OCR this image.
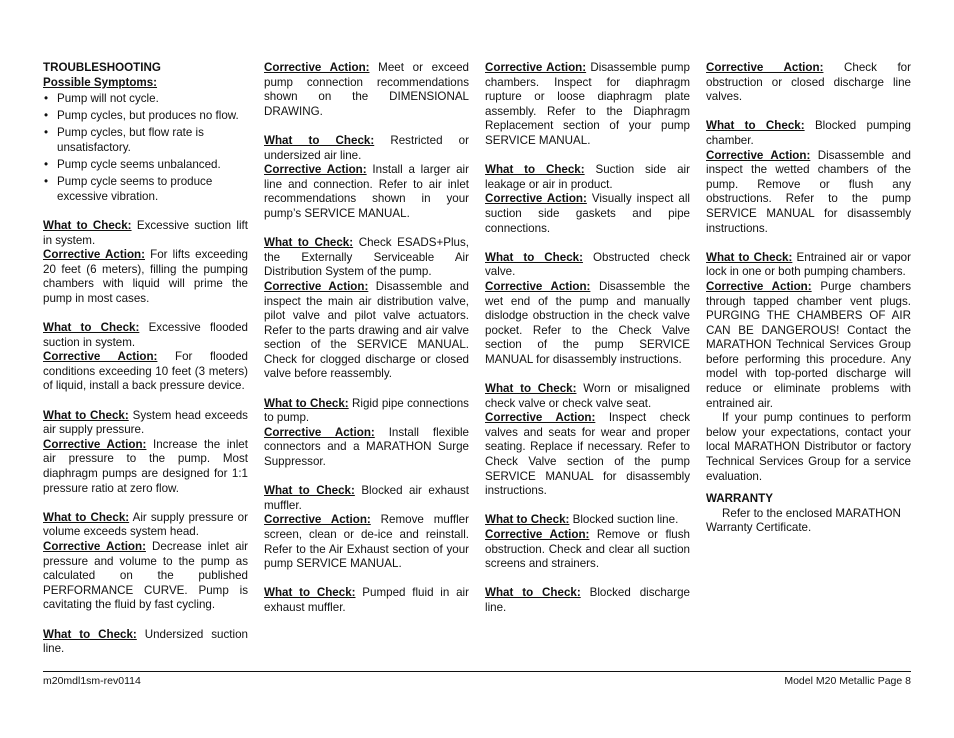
TROUBLESHOOTING
Possible Symptoms:
• Pump will not cycle.
• Pump cycles, but produces no flow.
• Pump cycles, but flow rate is unsatisfactory.
• Pump cycle seems unbalanced.
• Pump cycle seems to produce excessive vibration.
What to Check: Excessive suction lift in system.
Corrective Action: For lifts exceeding 20 feet (6 meters), filling the pumping chambers with liquid will prime the pump in most cases.
What to Check: Excessive flooded suction in system.
Corrective Action: For flooded conditions exceeding 10 feet (3 meters) of liquid, install a back pressure device.
What to Check: System head exceeds air supply pressure.
Corrective Action: Increase the inlet air pressure to the pump. Most diaphragm pumps are designed for 1:1 pressure ratio at zero flow.
What to Check: Air supply pressure or volume exceeds system head.
Corrective Action: Decrease inlet air pressure and volume to the pump as calculated on the published PERFORMANCE CURVE. Pump is cavitating the fluid by fast cycling.
What to Check: Undersized suction line.
Corrective Action: Meet or exceed pump connection recommendations shown on the DIMENSIONAL DRAWING.
What to Check: Restricted or undersized air line.
Corrective Action: Install a larger air line and connection. Refer to air inlet recommendations shown in your pump’s SERVICE MANUAL.
What to Check: Check ESADS+Plus, the Externally Serviceable Air Distribution System of the pump.
Corrective Action: Disassemble and inspect the main air distribution valve, pilot valve and pilot valve actuators. Refer to the parts drawing and air valve section of the SERVICE MANUAL. Check for clogged discharge or closed valve before reassembly.
What to Check: Rigid pipe connections to pump.
Corrective Action: Install flexible connectors and a MARATHON Surge Suppressor.
What to Check: Blocked air exhaust muffler.
Corrective Action: Remove muffler screen, clean or de-ice and reinstall. Refer to the Air Exhaust section of your pump SERVICE MANUAL.
What to Check: Pumped fluid in air exhaust muffler.
Corrective Action: Disassemble pump chambers. Inspect for diaphragm rupture or loose diaphragm plate assembly. Refer to the Diaphragm Replacement section of your pump SERVICE MANUAL.
What to Check: Suction side air leakage or air in product.
Corrective Action: Visually inspect all suction side gaskets and pipe connections.
What to Check: Obstructed check valve.
Corrective Action: Disassemble the wet end of the pump and manually dislodge obstruction in the check valve pocket. Refer to the Check Valve section of the pump SERVICE MANUAL for disassembly instructions.
What to Check: Worn or misaligned check valve or check valve seat.
Corrective Action: Inspect check valves and seats for wear and proper seating. Replace if necessary. Refer to Check Valve section of the pump SERVICE MANUAL for disassembly instructions.
What to Check: Blocked suction line.
Corrective Action: Remove or flush obstruction. Check and clear all suction screens and strainers.
What to Check: Blocked discharge line.
Corrective Action: Check for obstruction or closed discharge line valves.
What to Check: Blocked pumping chamber.
Corrective Action: Disassemble and inspect the wetted chambers of the pump. Remove or flush any obstructions. Refer to the pump SERVICE MANUAL for disassembly instructions.
What to Check: Entrained air or vapor lock in one or both pumping chambers.
Corrective Action: Purge chambers through tapped chamber vent plugs. PURGING THE CHAMBERS OF AIR CAN BE DANGEROUS! Contact the MARATHON Technical Services Group before performing this procedure. Any model with top-ported discharge will reduce or eliminate problems with entrained air.
If your pump continues to perform below your expectations, contact your local MARATHON Distributor or factory Technical Services Group for a service evaluation.
WARRANTY
Refer to the enclosed MARATHON Warranty Certificate.
m20mdl1sm-rev0114	Model M20 Metallic Page 8
